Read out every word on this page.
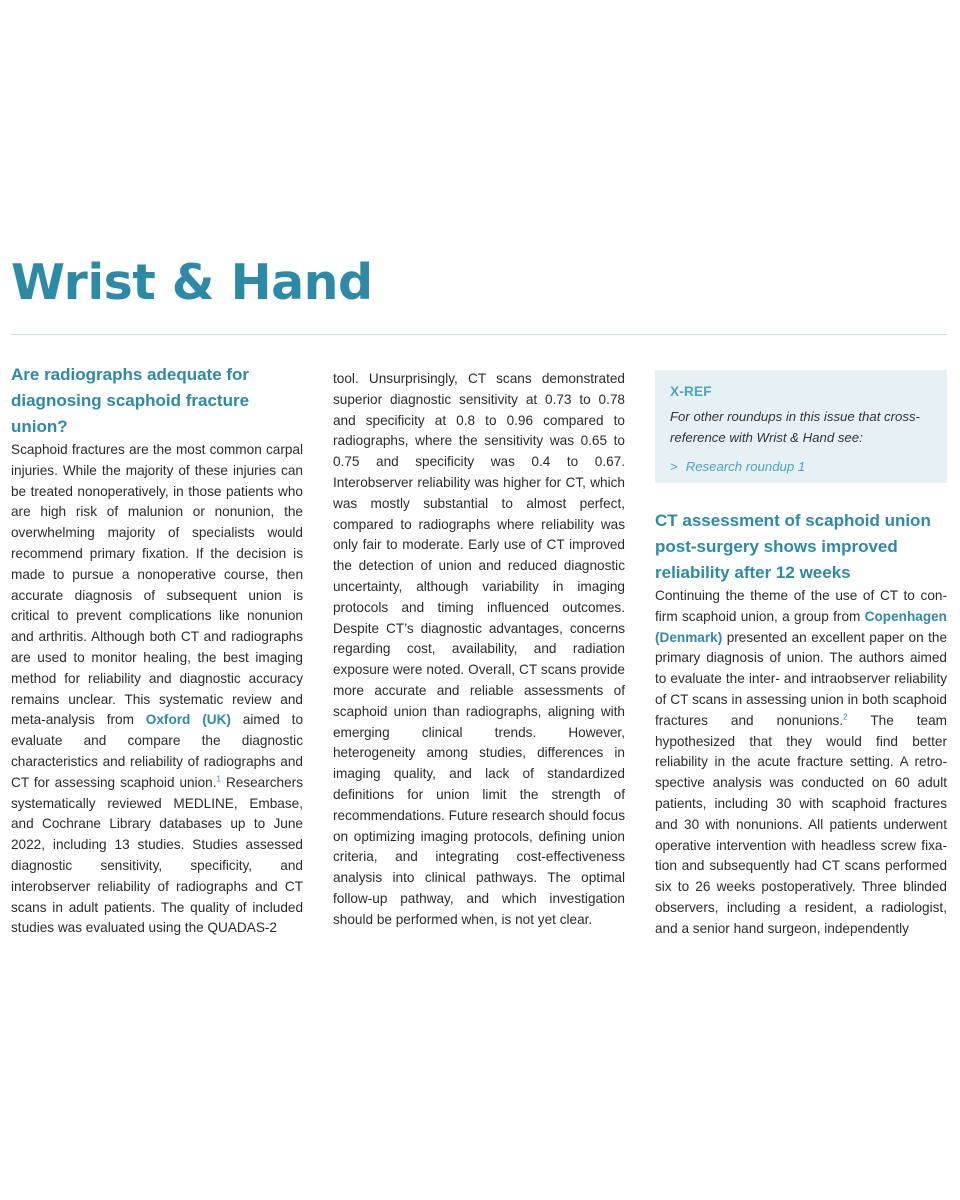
Wrist & Hand

Are radiographs adequate for diagnosing scaphoid fracture union?

Scaphoid fractures are the most common carpal injuries. While the majority of these injuries can be treated nonoperatively, in those patients who are high risk of malunion or nonunion, the overwhelming majority of specialists would recommend primary fixation. If the decision is made to pursue a nonoperative course, then accurate diagnosis of subsequent union is critical to prevent complications like nonunion and arthritis. Although both CT and radiographs are used to monitor healing, the best imaging method for reliability and diagnostic accuracy remains unclear. This systematic review and meta-analysis from Oxford (UK) aimed to evaluate and compare the diagnostic characteristics and reliability of radiographs and CT for assessing scaphoid union.$^1$ Researchers systematically reviewed MEDLINE, Embase, and Cochrane Library databases up to June 2022, including 13 studies. Studies assessed diagnostic sensitivity, specificity, and interobserver reliability of radiographs and CT scans in adult patients. The quality of included studies was evaluated using the QUADAS-2

tool. Unsurprisingly, CT scans demonstrated superior diagnostic sensitivity at 0.73 to 0.78 and specificity at 0.8 to 0.96 compared to radiographs, where the sensitivity was 0.65 to 0.75 and specificity was 0.4 to 0.67. Interobserver reliability was higher for CT, which was mostly substantial to almost perfect, compared to radiographs where reliability was only fair to moderate. Early use of CT improved the detection of union and reduced diagnostic uncertainty, although variability in imaging protocols and timing influenced outcomes. Despite CT’s diagnostic advantages, concerns regarding cost, availability, and radiation exposure were noted. Overall, CT scans provide more accurate and reliable assessments of scaphoid union than radiographs, aligning with emerging clinical trends. However, heterogeneity among studies, differences in imaging quality, and lack of standardized definitions for union limit the strength of recommendations. Future research should focus on optimizing imaging protocols, defining union criteria, and integrating cost-effectiveness analysis into clinical pathways. The optimal follow-up pathway, and which investigation should be performed when, is not yet clear.

X-REF
For other roundups in this issue that cross-reference with Wrist & Hand see:
> Research roundup 1

CT assessment of scaphoid union post-surgery shows improved reliability after 12 weeks

Continuing the theme of the use of CT to confirm scaphoid union, a group from Copenhagen (Denmark) presented an excellent paper on the primary diagnosis of union. The authors aimed to evaluate the inter- and intraobserver reliability of CT scans in assessing union in both scaphoid fractures and nonunions.$^2$ The team hypothesized that they would find better reliability in the acute fracture setting. A retrospective analysis was conducted on 60 adult patients, including 30 with scaphoid fractures and 30 with nonunions. All patients underwent operative intervention with headless screw fixation and subsequently had CT scans performed six to 26 weeks postoperatively. Three blinded observers, including a resident, a radiologist, and a senior hand surgeon, independently
